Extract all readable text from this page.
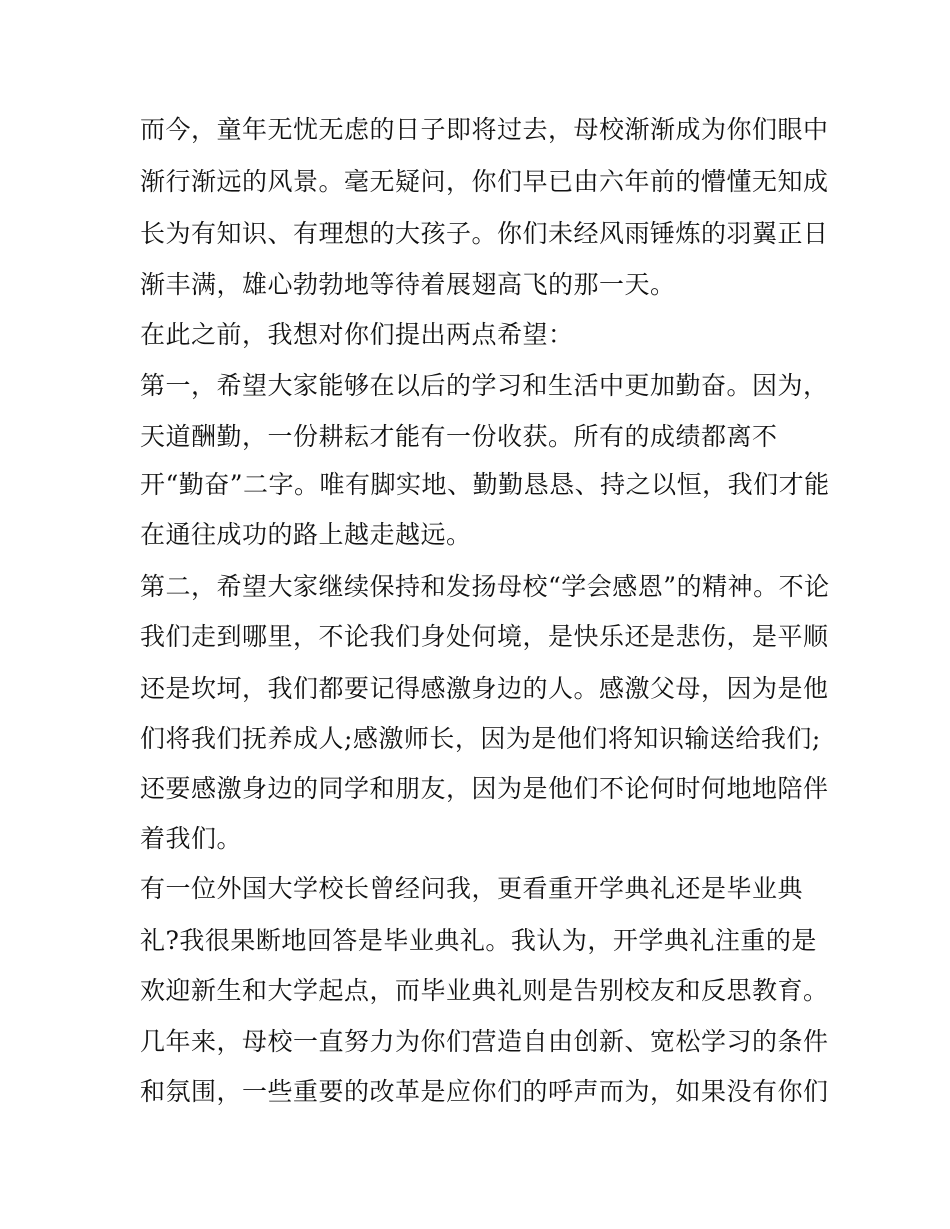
而今，童年无忧无虑的日子即将过去，母校渐渐成为你们眼中
渐行渐远的风景。毫无疑问，你们早已由六年前的懵懂无知成
长为有知识、有理想的大孩子。你们未经风雨锤炼的羽翼正日
渐丰满，雄心勃勃地等待着展翅高飞的那一天。
在此之前，我想对你们提出两点希望：
第一，希望大家能够在以后的学习和生活中更加勤奋。因为，
天道酬勤，一份耕耘才能有一份收获。所有的成绩都离不
开“勤奋”二字。唯有脚实地、勤勤恳恳、持之以恒，我们才能
在通往成功的路上越走越远。
第二，希望大家继续保持和发扬母校“学会感恩”的精神。不论
我们走到哪里，不论我们身处何境，是快乐还是悲伤，是平顺
还是坎坷，我们都要记得感激身边的人。感激父母，因为是他
们将我们抚养成人;感激师长，因为是他们将知识输送给我们;
还要感激身边的同学和朋友，因为是他们不论何时何地地陪伴
着我们。
有一位外国大学校长曾经问我，更看重开学典礼还是毕业典
礼?我很果断地回答是毕业典礼。我认为，开学典礼注重的是
欢迎新生和大学起点，而毕业典礼则是告别校友和反思教育。
几年来，母校一直努力为你们营造自由创新、宽松学习的条件
和氛围，一些重要的改革是应你们的呼声而为，如果没有你们
